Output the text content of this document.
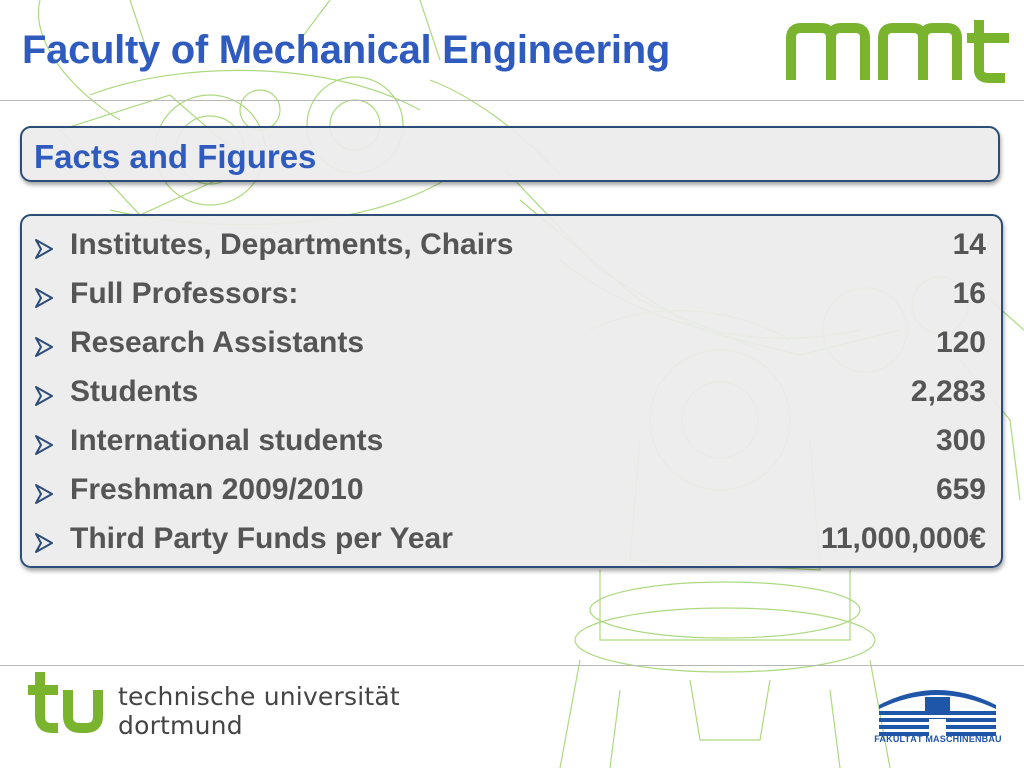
Faculty of Mechanical Engineering
Facts and Figures
Institutes, Departments, Chairs	14
Full Professors:	16
Research Assistants	120
Students	2,283
International students	300
Freshman 2009/2010	659
Third Party Funds per Year	11,000,000€
technische universität
dortmund	FAKULTÄT MASCHINENBAU
